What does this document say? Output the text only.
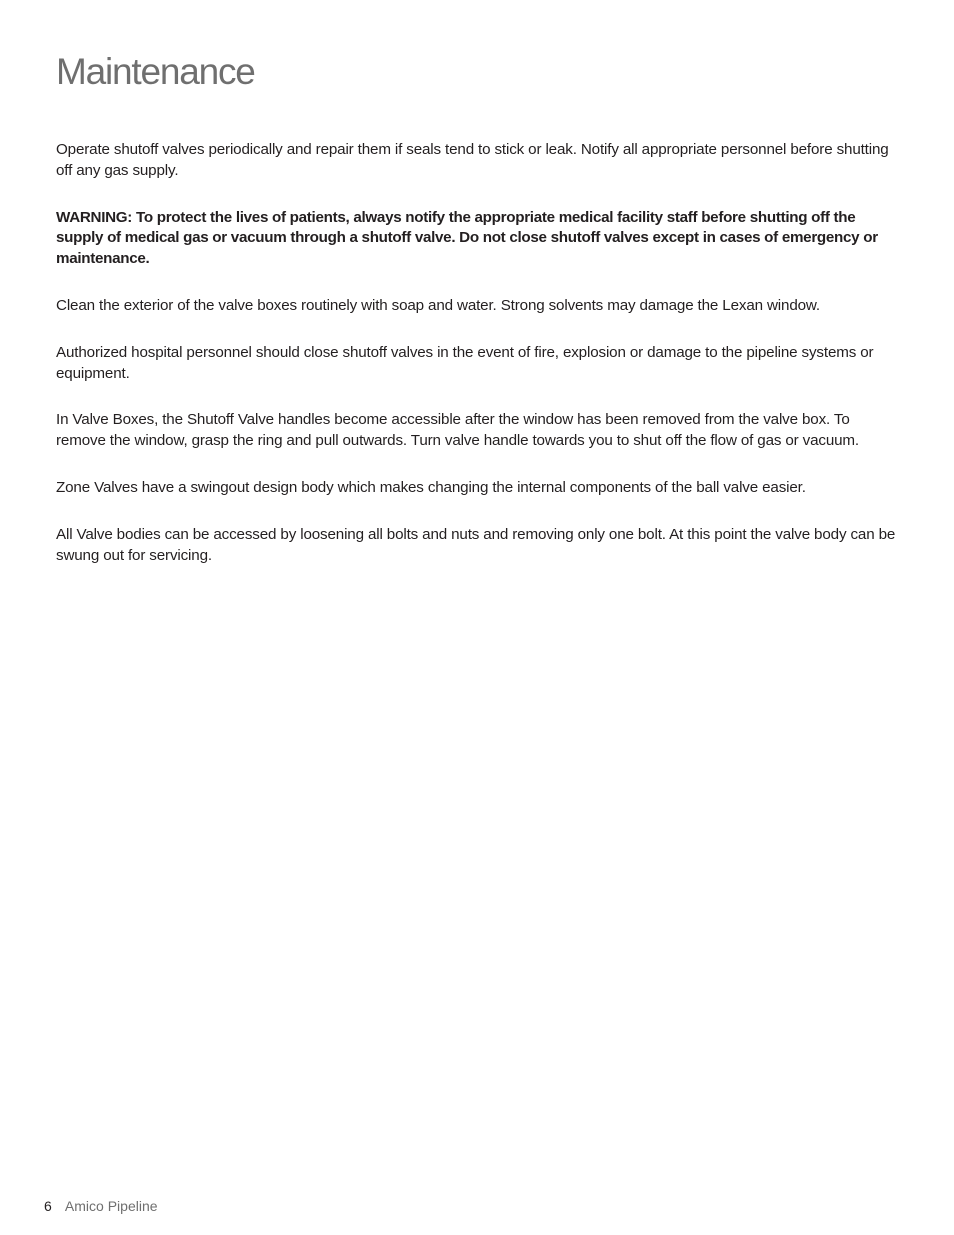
Maintenance

Operate shutoff valves periodically and repair them if seals tend to stick or leak. Notify all appropriate personnel before shutting off any gas supply.

WARNING: To protect the lives of patients, always notify the appropriate medical facility staff before shutting off the supply of medical gas or vacuum through a shutoff valve. Do not close shutoff valves except in cases of emergency or maintenance.

Clean the exterior of the valve boxes routinely with soap and water. Strong solvents may damage the Lexan window.

Authorized hospital personnel should close shutoff valves in the event of fire, explosion or damage to the pipeline systems or equipment.

In Valve Boxes, the Shutoff Valve handles become accessible after the window has been removed from the valve box. To remove the window, grasp the ring and pull outwards. Turn valve handle towards you to shut off the flow of gas or vacuum.

Zone Valves have a swingout design body which makes changing the internal components of the ball valve easier.

All Valve bodies can be accessed by loosening all bolts and nuts and removing only one bolt. At this point the valve body can be swung out for servicing.

6 Amico Pipeline
